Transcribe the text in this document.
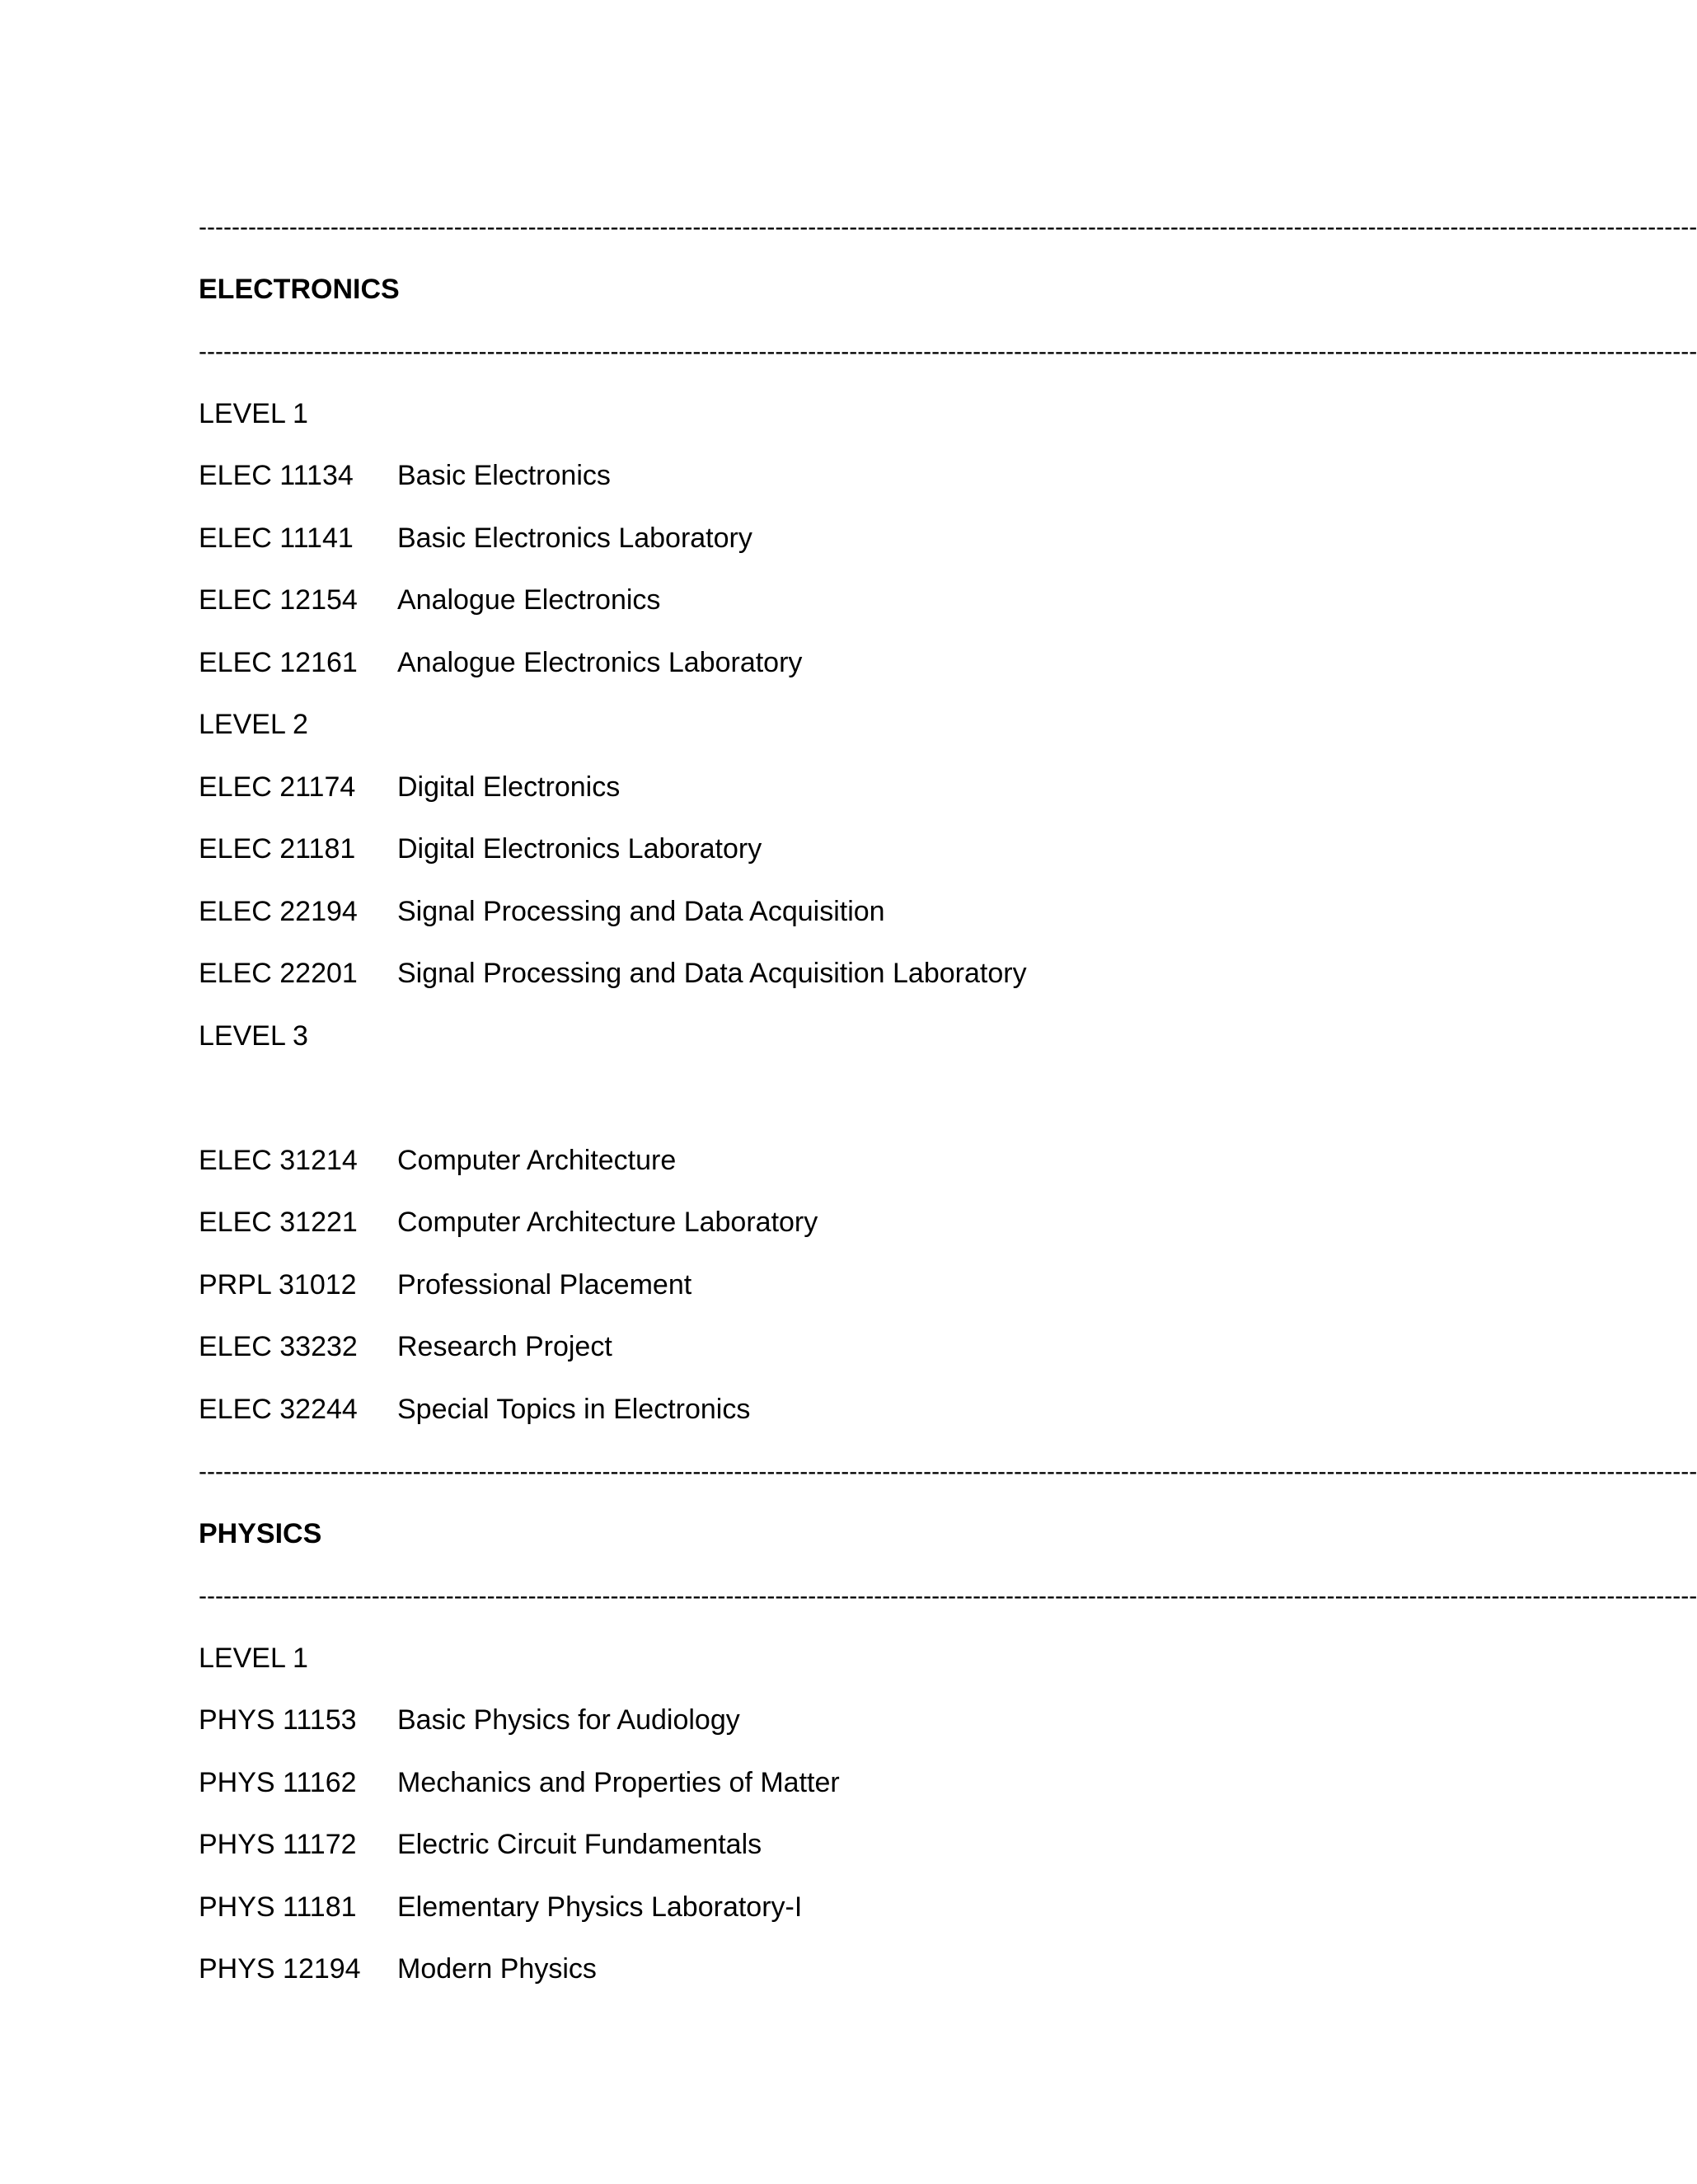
--------------------------------------------------------------------------------------------------------------------------------------------------------------------------------------
ELECTRONICS
--------------------------------------------------------------------------------------------------------------------------------------------------------------------------------------
LEVEL 1
ELEC 11134 Basic Electronics
ELEC 11141 Basic Electronics Laboratory
ELEC 12154 Analogue Electronics
ELEC 12161 Analogue Electronics Laboratory
LEVEL 2
ELEC 21174 Digital Electronics
ELEC 21181 Digital Electronics Laboratory
ELEC 22194 Signal Processing and Data Acquisition
ELEC 22201 Signal Processing and Data Acquisition Laboratory
LEVEL 3
ELEC 31214 Computer Architecture
ELEC 31221 Computer Architecture Laboratory
PRPL 31012 Professional Placement
ELEC 33232 Research Project
ELEC 32244 Special Topics in Electronics
--------------------------------------------------------------------------------------------------------------------------------------------------------------------------------------
PHYSICS
--------------------------------------------------------------------------------------------------------------------------------------------------------------------------------------
LEVEL 1
PHYS 11153 Basic Physics for Audiology
PHYS 11162 Mechanics and Properties of Matter
PHYS 11172 Electric Circuit Fundamentals
PHYS 11181 Elementary Physics Laboratory-I
PHYS 12194 Modern Physics
